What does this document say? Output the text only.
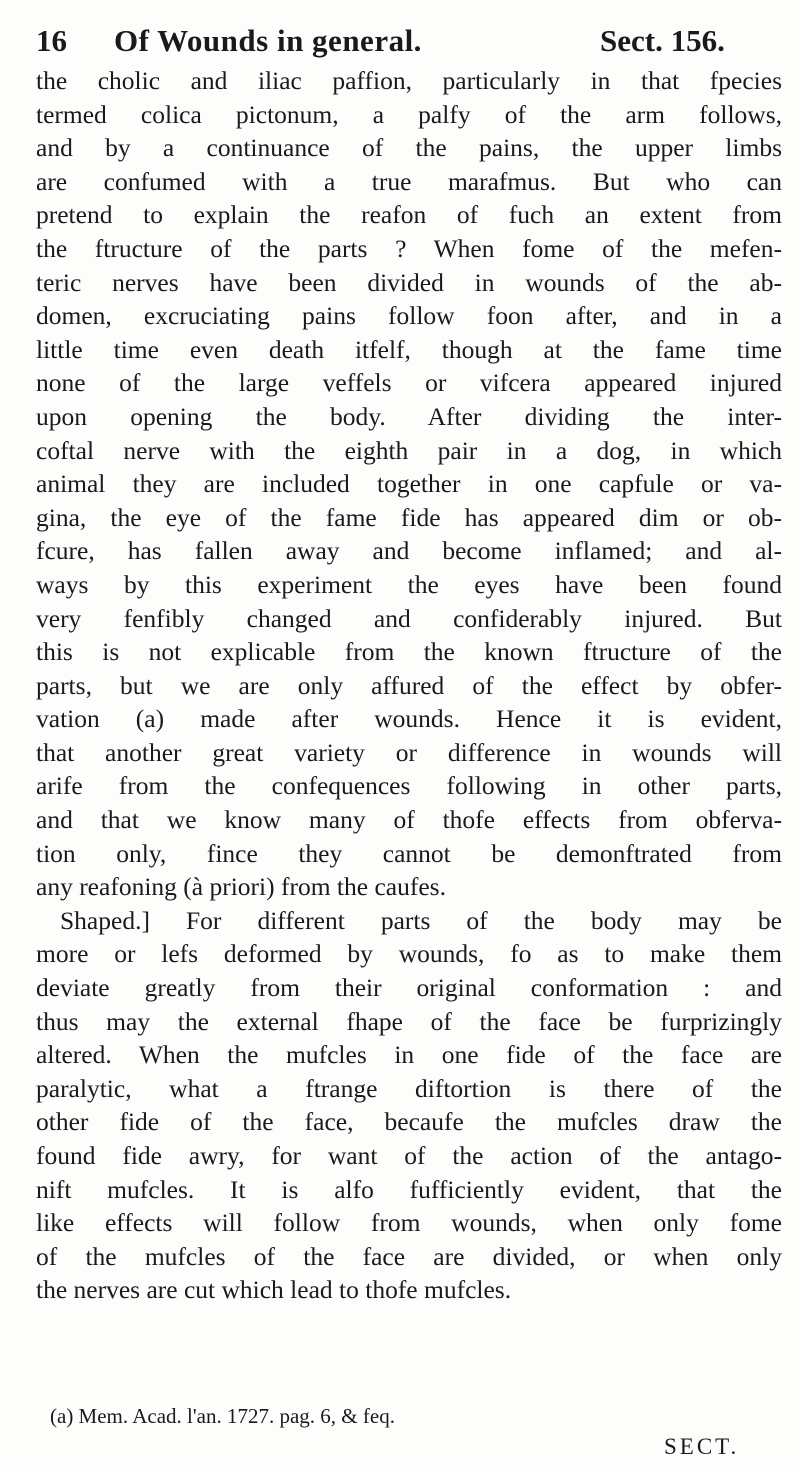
16 Of Wounds in general.	Sect. 156.
the cholic and iliac paffion, particularly in that fpecies
termed colica pictonum, a palfy of the arm follows,
and by a continuance of the pains, the upper limbs
are confumed with a true marafmus. But who can
pretend to explain the reafon of fuch an extent from
the ftructure of the parts ? When fome of the mefen-
teric nerves have been divided in wounds of the ab-
domen, excruciating pains follow foon after, and in a
little time even death itfelf, though at the fame time
none of the large veffels or vifcera appeared injured
upon opening the body. After dividing the inter-
coftal nerve with the eighth pair in a dog, in which
animal they are included together in one capfule or va-
gina, the eye of the fame fide has appeared dim or ob-
fcure, has fallen away and become inflamed; and al-
ways by this experiment the eyes have been found
very fenfibly changed and confiderably injured. But
this is not explicable from the known ftructure of the
parts, but we are only affured of the effect by obfer-
vation (a) made after wounds. Hence it is evident,
that another great variety or difference in wounds will
arife from the confequences following in other parts,
and that we know many of thofe effects from obferva-
tion only, fince they cannot be demonftrated from
any reafoning (à priori) from the caufes.
Shaped.] For different parts of the body may be
more or lefs deformed by wounds, fo as to make them
deviate greatly from their original conformation : and
thus may the external fhape of the face be furprizingly
altered. When the mufcles in one fide of the face are
paralytic, what a ftrange diftortion is there of the
other fide of the face, becaufe the mufcles draw the
found fide awry, for want of the action of the antago-
nift mufcles. It is alfo fufficiently evident, that the
like effects will follow from wounds, when only fome
of the mufcles of the face are divided, or when only
the nerves are cut which lead to thofe mufcles.
(a) Mem. Acad. l'an. 1727. pag. 6, & feq.
SECT.
